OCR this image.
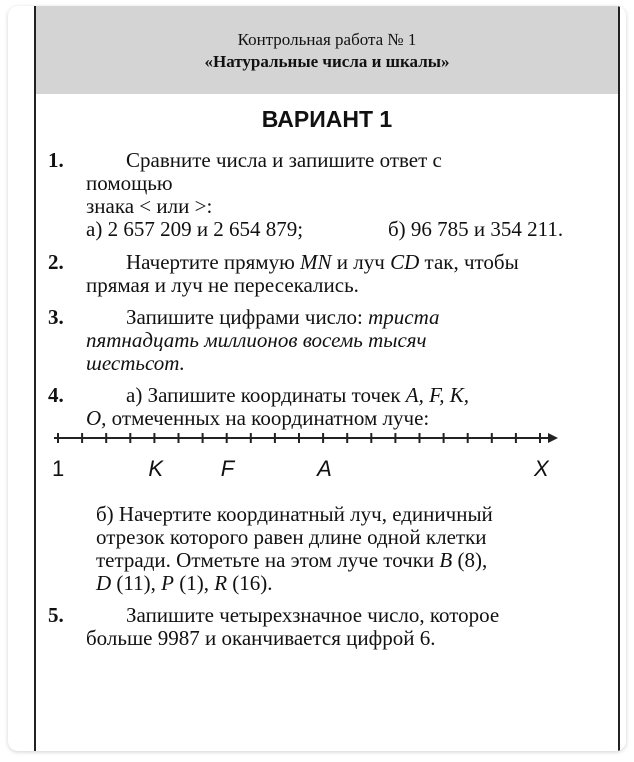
Контрольная работа № 1
«Натуральные числа и шкалы»
ВАРИАНТ 1
1.	Сравните числа и запишите ответ с
помощью
знака < или >:
а) 2 657 209 и 2 654 879;	б) 96 785 и 354 211.
2.	Начертите прямую MN и луч CD так, чтобы
прямая и луч не пересекались.
3.	Запишите цифрами число: триста
пятнадцать миллионов восемь тысяч
шестьсот.
4.	а) Запишите координаты точек A, F, K,
O, отмеченных на координатном луче:
1	K	F	A	X
б) Начертите координатный луч, единичный
отрезок которого равен длине одной клетки
тетради. Отметьте на этом луче точки B (8),
D (11), P (1), R (16).
5.	Запишите четырехзначное число, которое
больше 9987 и оканчивается цифрой 6.
